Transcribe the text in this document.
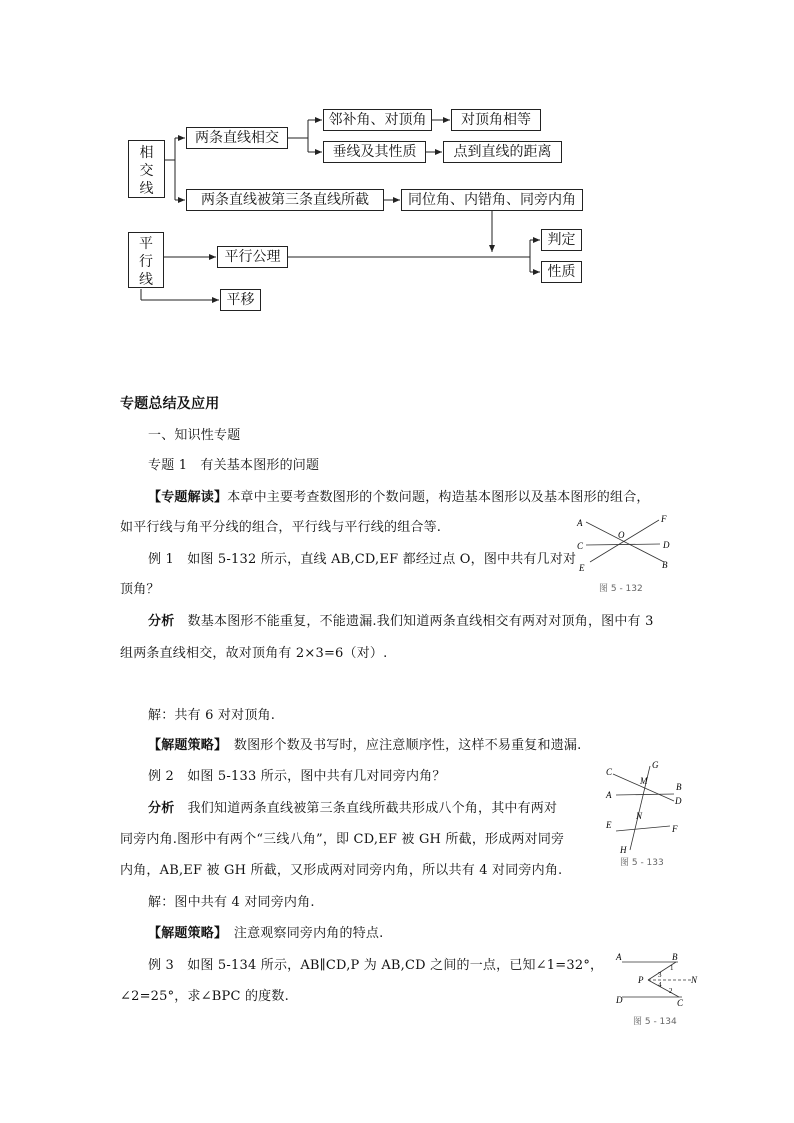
相
交
线
平
行
线
两条直线相交
邻补角、对顶角	对顶角相等
垂线及其性质	点到直线的距离
两条直线被第三条直线所截	同位角、内错角、同旁内角
平行公理
判定
性质
平移
专题总结及应用
一、知识性专题
专题 1　有关基本图形的问题
【专题解读】本章中主要考查数图形的个数问题，构造基本图形以及基本图形的组合，
如平行线与角平分线的组合，平行线与平行线的组合等.
例 1　如图 5-132 所示，直线 AB,CD,EF 都经过点 O，图中共有几对对
顶角？
分析　数基本图形不能重复，不能遗漏.我们知道两条直线相交有两对对顶角，图中有 3
组两条直线相交，故对顶角有 2×3=6（对）.
解：共有 6 对对顶角.
【解题策略】　数图形个数及书写时，应注意顺序性，这样不易重复和遗漏.
例 2　如图 5-133 所示，图中共有几对同旁内角？
分析　我们知道两条直线被第三条直线所截共形成八个角，其中有两对
同旁内角.图形中有两个“三线八角”，即 CD,EF 被 GH 所截，形成两对同旁
内角，AB,EF 被 GH 所截，又形成两对同旁内角，所以共有 4 对同旁内角.
解：图中共有 4 对同旁内角.
【解题策略】　注意观察同旁内角的特点.
例 3　如图 5-134 所示，AB∥CD,P 为 AB,CD 之间的一点，已知∠1=32°，
∠2=25°，求∠BPC 的度数.
A
C
E
O
F
D
B
图 5 - 132
G
C
M
B
A
D
E
N
F
H
图 5 - 133
A	B
P	N
D	C
1
3
4
2
图 5 - 134
